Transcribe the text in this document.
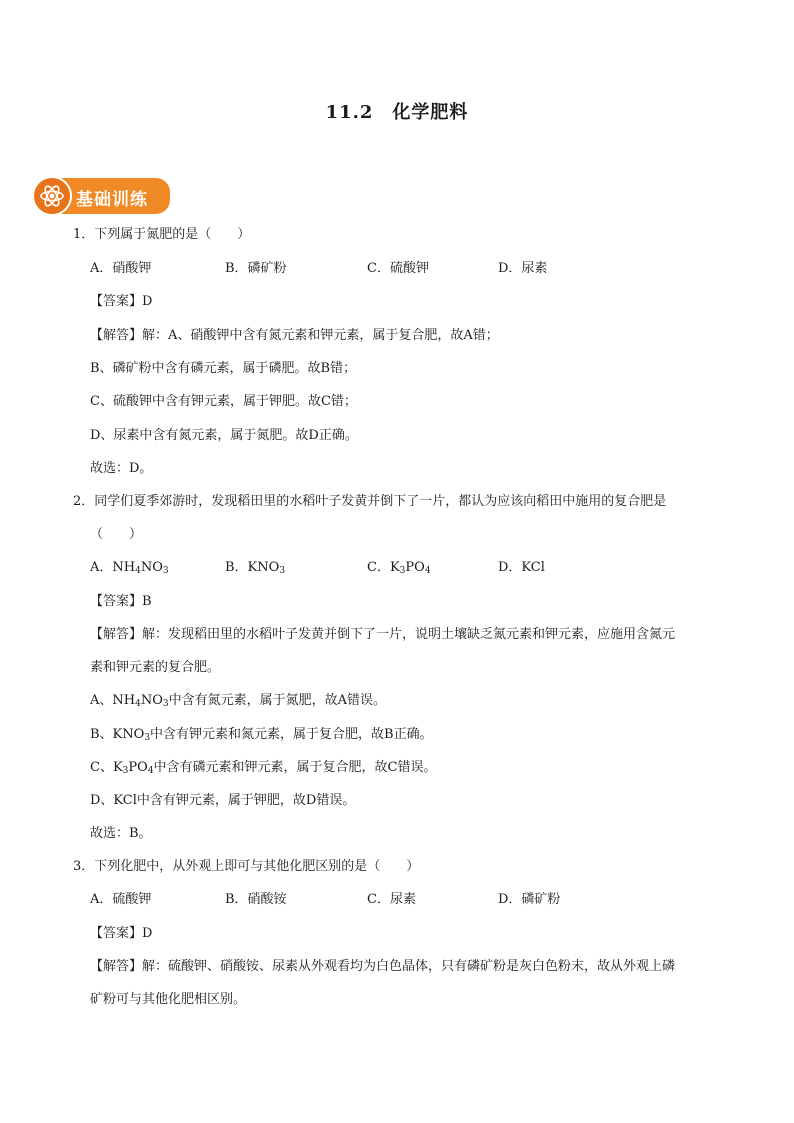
11.2　化学肥料
基础训练
1．下列属于氮肥的是（　　）
A．硝酸钾	B．磷矿粉	C．硫酸钾	D．尿素
【答案】D
【解答】解：A、硝酸钾中含有氮元素和钾元素，属于复合肥，故A错；
B、磷矿粉中含有磷元素，属于磷肥。故B错；
C、硫酸钾中含有钾元素，属于钾肥。故C错；
D、尿素中含有氮元素，属于氮肥。故D正确。
故选：D。
2．同学们夏季郊游时，发现稻田里的水稻叶子发黄并倒下了一片，都认为应该向稻田中施用的复合肥是
（　　）
A．$NH_4NO_3$	B．$KNO_3$	C．$K_3PO_4$	D．KCl
【答案】B
【解答】解：发现稻田里的水稻叶子发黄并倒下了一片，说明土壤缺乏氮元素和钾元素，应施用含氮元
素和钾元素的复合肥。
A、$NH_4NO_3$中含有氮元素，属于氮肥，故A错误。
B、$KNO_3$中含有钾元素和氮元素，属于复合肥，故B正确。
C、$K_3PO_4$中含有磷元素和钾元素，属于复合肥，故C错误。
D、KCl中含有钾元素，属于钾肥，故D错误。
故选：B。
3．下列化肥中，从外观上即可与其他化肥区别的是（　　）
A．硫酸钾	B．硝酸铵	C．尿素	D．磷矿粉
【答案】D
【解答】解：硫酸钾、硝酸铵、尿素从外观看均为白色晶体，只有磷矿粉是灰白色粉末，故从外观上磷
矿粉可与其他化肥相区别。
